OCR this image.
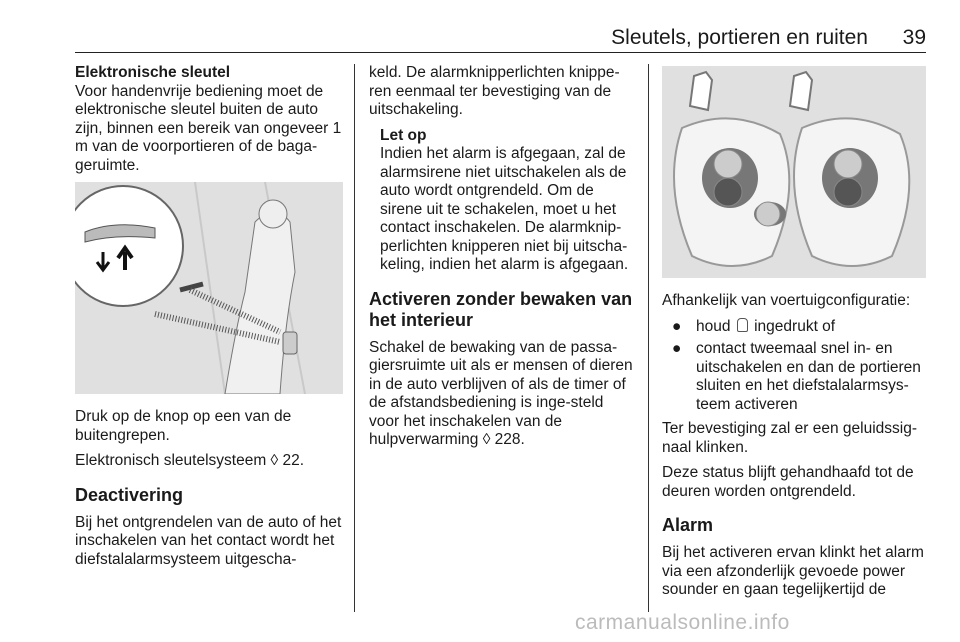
Sleutels, portieren en ruiten 39

Elektronische sleutel

Voor handenvrije bediening moet de elektronische sleutel buiten de auto zijn, binnen een bereik van ongeveer 1 m van de voorportieren of de baga-geruimte.

Druk op de knop op een van de buitengrepen.

Elektronisch sleutelsysteem ◊ 22.

Deactivering

Bij het ontgrendelen van de auto of het inschakelen van het contact wordt het diefstalalarmsysteem uitgescha-

keld. De alarmknipperlichten knippe-ren eenmaal ter bevestiging van de uitschakeling.

Let op
Indien het alarm is afgegaan, zal de alarmsirene niet uitschakelen als de auto wordt ontgrendeld. Om de sirene uit te schakelen, moet u het contact inschakelen. De alarmknip-perlichten knipperen niet bij uitscha-keling, indien het alarm is afgegaan.
Activeren zonder bewaken van het interieur

Schakel de bewaking van de passa-giersruimte uit als er mensen of dieren in de auto verblijven of als de timer of de afstandsbediening is inge-steld voor het inschakelen van de hulpverwarming ◊ 228.

Afhankelijk van voertuigconfiguratie:

● houd ingedrukt of
● contact tweemaal snel in- en uitschakelen en dan de portieren sluiten en het diefstalalarmsys-teem activeren

Ter bevestiging zal er een geluidssig-naal klinken.

Deze status blijft gehandhaafd tot de deuren worden ontgrendeld.

Alarm

Bij het activeren ervan klinkt het alarm via een afzonderlijk gevoede power sounder en gaan tegelijkertijd de

carmanualsonline.info
